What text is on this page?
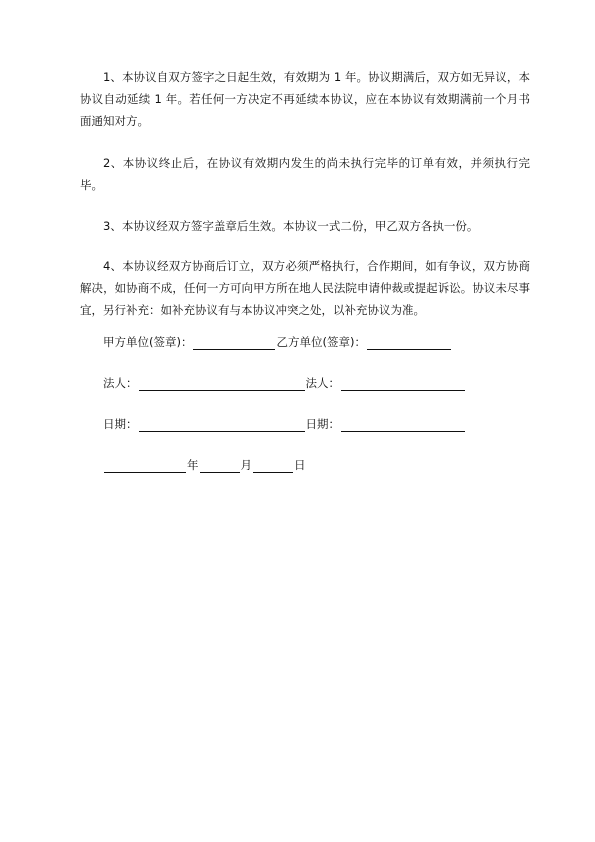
1、本协议自双方签字之日起生效，有效期为 1 年。协议期满后，双方如无异议，本协议自动延续 1 年。若任何一方决定不再延续本协议，应在本协议有效期满前一个月书面通知对方。

2、本协议终止后，在协议有效期内发生的尚未执行完毕的订单有效，并须执行完毕。

3、本协议经双方签字盖章后生效。本协议一式二份，甲乙双方各执一份。

4、本协议经双方协商后订立，双方必须严格执行，合作期间，如有争议，双方协商解决，如协商不成，任何一方可向甲方所在地人民法院申请仲裁或提起诉讼。协议未尽事宜，另行补充：如补充协议有与本协议冲突之处，以补充协议为准。

甲方单位(签章)：	乙方单位(签章)：
法人：	法人：
日期：	日期：
年	月	日
